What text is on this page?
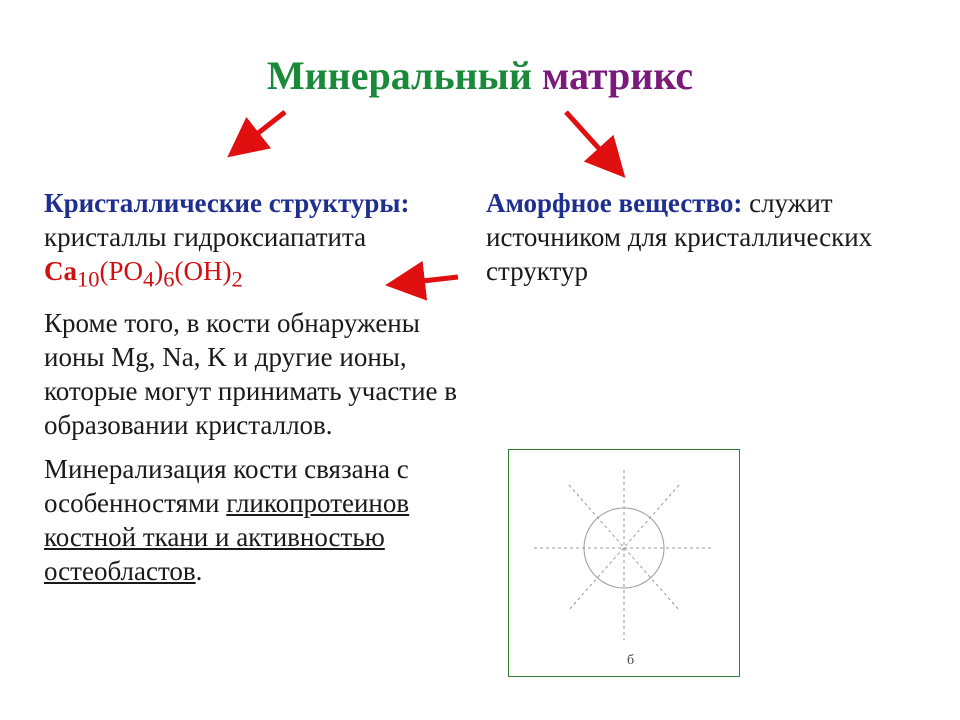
Минеральный матрикс
Кристаллические структуры: кристаллы гидроксиапатита
$Ca_{10}(PO_4)_6(OH)_2$

Кроме того, в кости обнаружены ионы Mg, Na, K и другие ионы, которые могут принимать участие в образовании кристаллов.

Минерализация кости связана с особенностями гликопротеинов костной ткани и активностью остеобластов.

Аморфное вещество: служит источником для кристаллических структур
б
